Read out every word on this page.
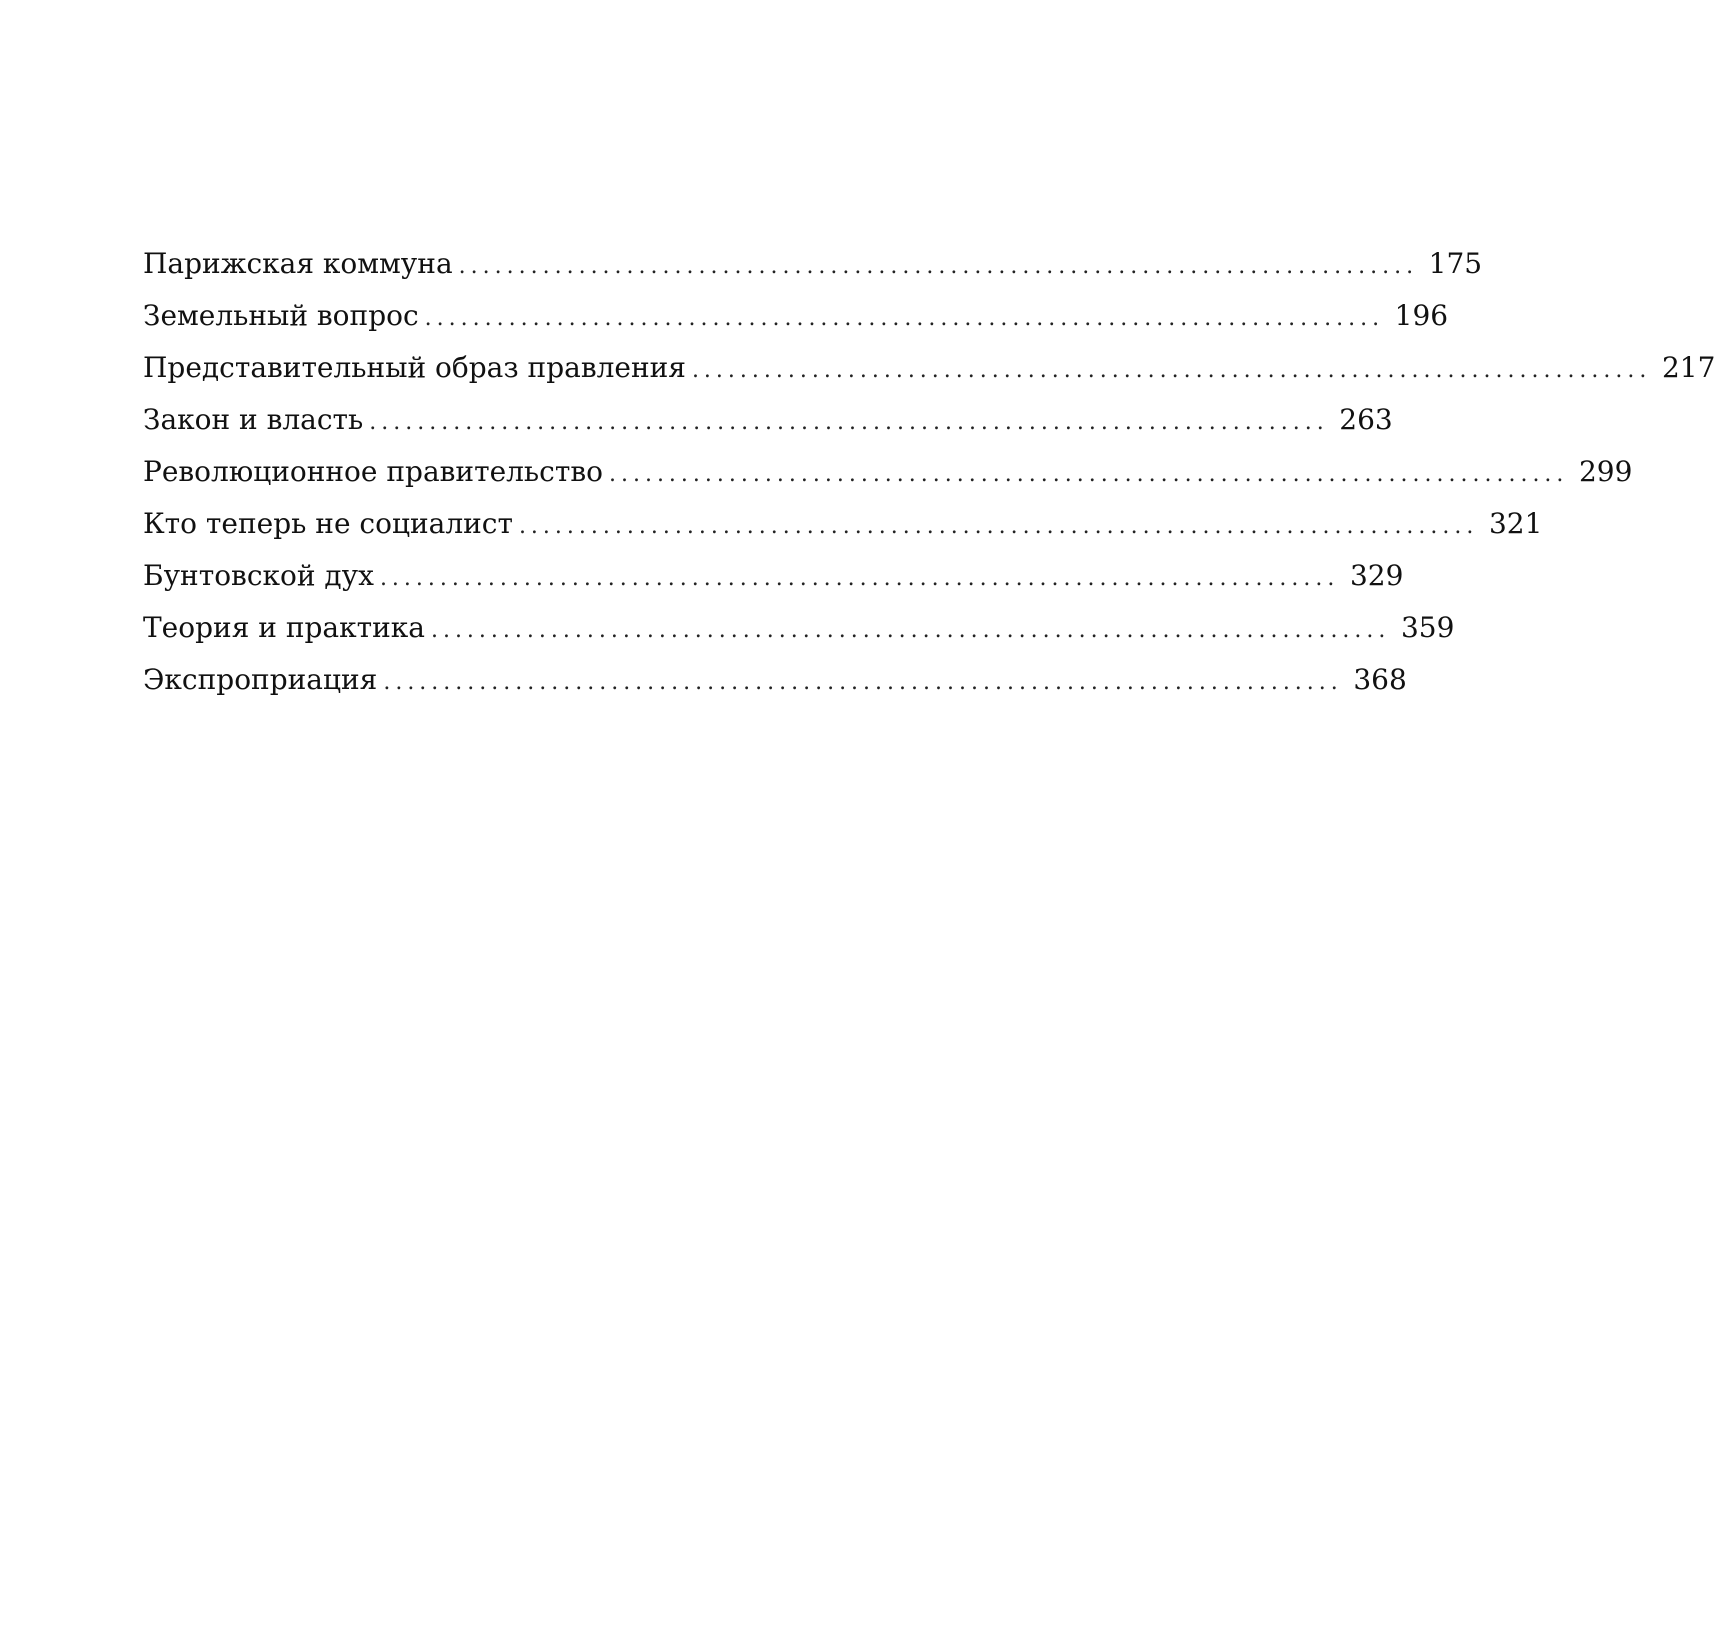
Парижская коммуна ................................................................................ 175
Земельный вопрос ................................................................................ 196
Представительный образ правления ................................................................................ 217
Закон и власть ................................................................................ 263
Революционное правительство ................................................................................ 299
Кто теперь не социалист ................................................................................ 321
Бунтовской дух ................................................................................ 329
Теория и практика ................................................................................ 359
Экспроприация ................................................................................ 368
